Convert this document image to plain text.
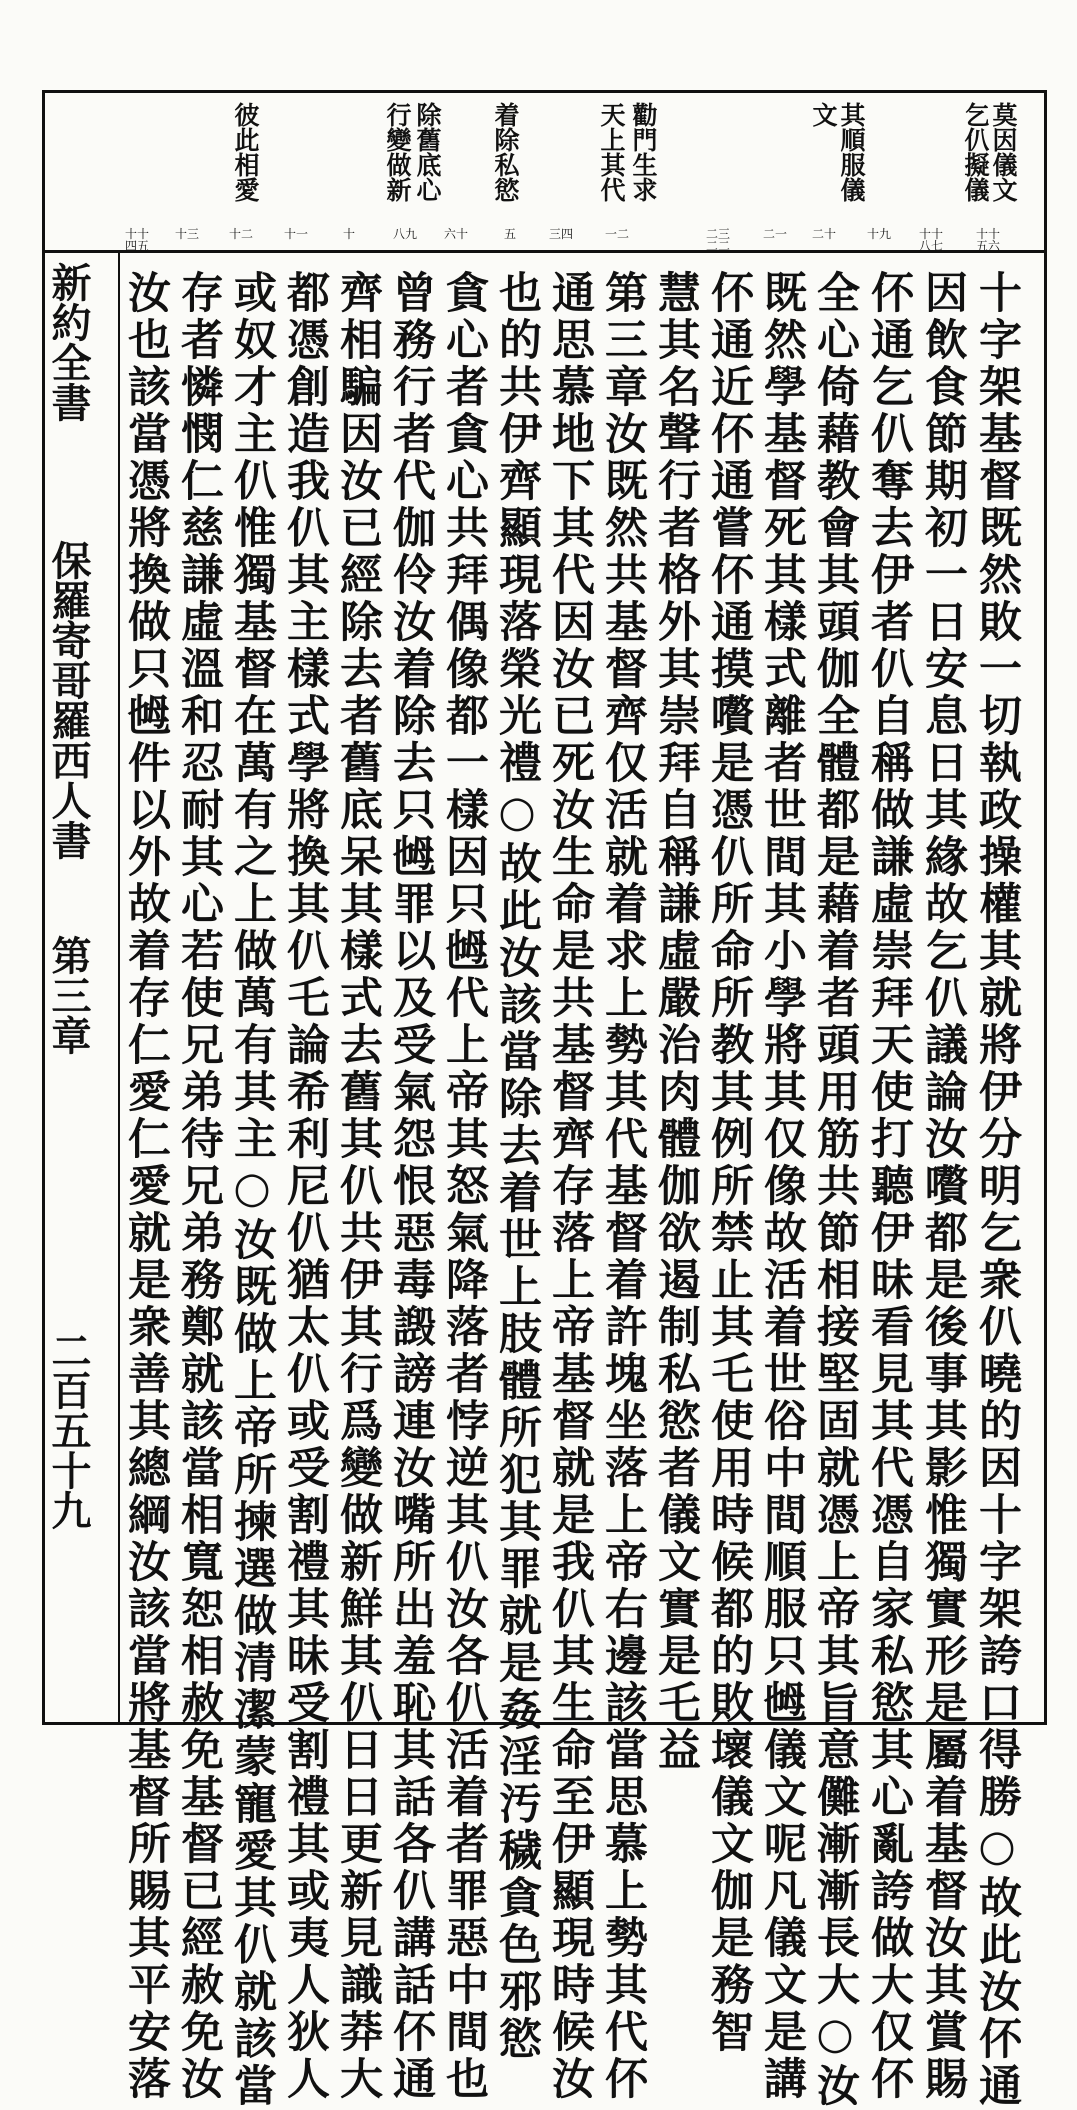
莫因儀文
乞仈擬儀
其順服儀
文
勸門生求
天上其代
着除私慾
除舊底心
行變做新
彼此相愛
十十五六
十十八七
十九
二十
二一
二三二二
一二
三四
五
六十
八九
十
十一
十二
十三
十十四五
十字架基督既然敗一切執政操權其就將伊分明乞衆仈曉的因十字架誇口得勝○故此汝伓通
因飲食節期初一日安息日其緣故乞仈議論汝嚽都是後事其影惟獨實形是屬着基督汝其賞賜
伓通乞仈奪去伊者仈自稱做謙虛崇拜天使打聽伊昧看見其代憑自家私慾其心亂誇做大仅伓
全心倚藉教會其頭伽全體都是藉着者頭用筋共節相接堅固就憑上帝其旨意儺漸漸長大○汝
既然學基督死其樣式離者世間其小學將其仅像故活着世俗中間順服只乸儀文呢凡儀文是講
伓通近伓通嘗伓通摸嚽是憑仈所命所教其例所禁止其乇使用時候都的敗壞儀文伽是務智
慧其名聲行者格外其崇拜自稱謙虛嚴治肉體伽欲遏制私慾者儀文實是乇益
第三章汝既然共基督齊仅活就着求上勢其代基督着許塊坐落上帝右邊該當思慕上勢其代伓
通思慕地下其代因汝已死汝生命是共基督齊存落上帝基督就是我仈其生命至伊顯現時候汝
也的共伊齊顯現落榮光禮○故此汝該當除去着世上肢體所犯其罪就是姦淫汚穢貪色邪慾
貪心者貪心共拜偶像都一樣因只乸代上帝其怒氣降落者悖逆其仈汝各仈活着者罪惡中間也
曾務行者代伽伶汝着除去只乸罪以及受氣怨恨惡毒譭謗連汝嘴所出羞恥其話各仈講話伓通
齊相騙因汝已經除去者舊底呆其樣式去舊其仈共伊其行爲變做新鮮其仈日日更新見識莽大
都憑創造我仈其主樣式學將換其仈乇論希利尼仈猶太仈或受割禮其昧受割禮其或夷人狄人
或奴才主仈惟獨基督在萬有之上做萬有其主○汝既做上帝所揀選做清潔蒙寵愛其仈就該當
存者憐憫仁慈謙虛溫和忍耐其心若使兄弟待兄弟務鄭就該當相寬恕相赦免基督已經赦免汝
汝也該當憑將換做只乸件以外故着存仁愛仁愛就是衆善其總綱汝該當將基督所賜其平安落
新約全書
保羅寄哥羅西人書
第三章
二百五十九
